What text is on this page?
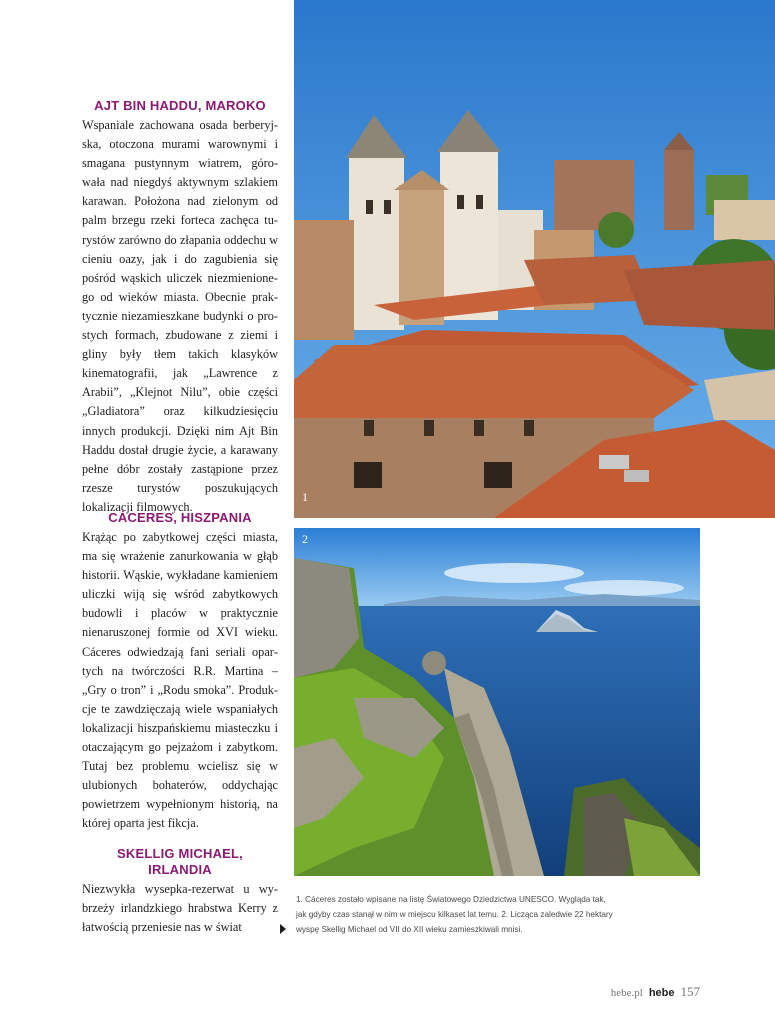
AJT BIN HADDU, MAROKO

Wspaniale zachowana osada berberyjska, otoczona murami warownymi i smagana pustynnym wiatrem, górowała nad niegdyś aktywnym szlakiem karawan. Położona nad zielonym od palm brzegu rzeki forteca zachęca turystów zarówno do złapania oddechu w cieniu oazy, jak i do zagubienia się pośród wąskich uliczek niezmienionego od wieków miasta. Obecnie praktycznie niezamieszkane budynki o prostych formach, zbudowane z ziemi i gliny były tłem takich klasyków kinematografii, jak „Lawrence z Arabii”, „Klejnot Nilu”, obie części „Gladiatora” oraz kilkudziesięciu innych produkcji. Dzięki nim Ajt Bin Haddu dostał drugie życie, a karawany pełne dóbr zostały zastąpione przez rzesze turystów poszukujących lokalizacji filmowych.

CÁCERES, HISZPANIA

Krążąc po zabytkowej części miasta, ma się wrażenie zanurkowania w głąb historii. Wąskie, wykładane kamieniem uliczki wiją się wśród zabytkowych budowli i placów w praktycznie nienaruszonej formie od XVI wieku. Cáceres odwiedzają fani seriali opartych na twórczości R.R. Martina – „Gry o tron” i „Rodu smoka”. Produkcje te zawdzięczają wiele wspaniałych lokalizacji hiszpańskiemu miasteczku i otaczającym go pejzażom i zabytkom. Tutaj bez problemu wcielisz się w ulubionych bohaterów, oddychając powietrzem wypełnionym historią, na której oparta jest fikcja.

SKELLIG MICHAEL,

IRLANDIA

Niezwykła wysepka-rezerwat u wybrzeży irlandzkiego hrabstwa Kerry z łatwością przeniesie nas w świat

1
2
1. Cáceres zostało wpisane na listę Światowego Dziedzictwa UNESCO. Wygląda tak,
jak gdyby czas stanął w nim w miejscu kilkaset lat temu. 2. Licząca zaledwie 22 hektary
wyspę Skellig Michael od VII do XII wieku zamieszkiwali mnisi.
hebe.pl hebe 157
